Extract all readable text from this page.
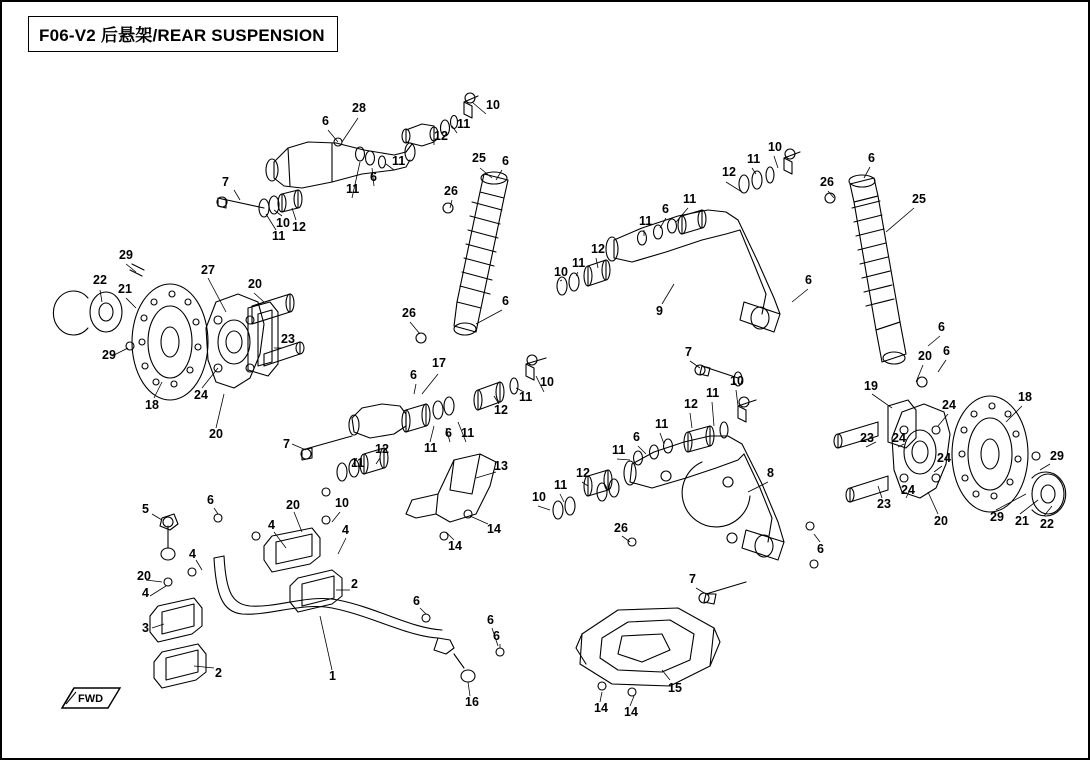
F06-V2 后悬架/REAR SUSPENSION
10
11
12
28
6
11
6
11
7
10
11
12
25 6
26
26
6
12
11
10
11
6
11
12
10
11
9
6
7
26
6
25
6
6
20
19
24
18
23 24
24	29
23
24
20	29 21 22
29
22
21
27
20
23
29
18
24
20
17
6
12
11
10
11
6 11
7
11
12
6	20	10
5
4	4
4
20
4
3
2
2	1
6
6
16
13
14
14
12
11
10
11
6
11
12
11
10
8
26
6
7
15
14 14
6
FWD
